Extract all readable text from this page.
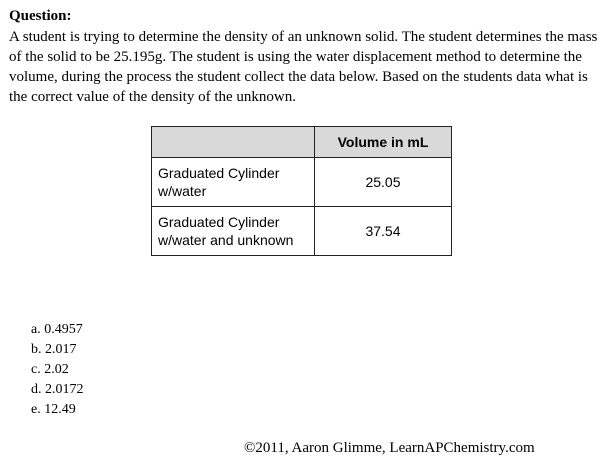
Question:

A student is trying to determine the density of an unknown solid. The student determines the mass of the solid to be 25.195g. The student is using the water displacement method to determine the volume, during the process the student collect the data below. Based on the students data what is the correct value of the density of the unknown.

	Volume in mL
Graduated Cylinder w/water	25.05
Graduated Cylinder w/water and unknown	37.54
a. 0.4957
b. 2.017
c. 2.02
d. 2.0172
e. 12.49

©2011, Aaron Glimme, LearnAPChemistry.com
